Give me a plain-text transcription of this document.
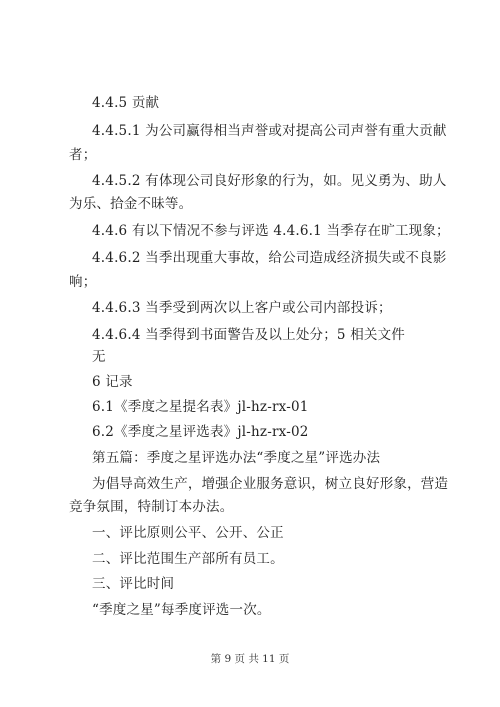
4.4.5 贡献
4.4.5.1 为公司赢得相当声誉或对提高公司声誉有重大贡献
者；
4.4.5.2 有体现公司良好形象的行为，如。见义勇为、助人
为乐、拾金不昧等。
4.4.6 有以下情况不参与评选 4.4.6.1 当季存在旷工现象；
4.4.6.2 当季出现重大事故，给公司造成经济损失或不良影
响；
4.4.6.3 当季受到两次以上客户或公司内部投诉；
4.4.6.4 当季得到书面警告及以上处分；5 相关文件
无
6 记录
6.1《季度之星提名表》jl-hz-rx-01
6.2《季度之星评选表》jl-hz-rx-02
第五篇：季度之星评选办法“季度之星”评选办法
为倡导高效生产，增强企业服务意识，树立良好形象，营造
竞争氛围，特制订本办法。
一、评比原则公平、公开、公正
二、评比范围生产部所有员工。
三、评比时间
“季度之星”每季度评选一次。
第 9 页 共 11 页
